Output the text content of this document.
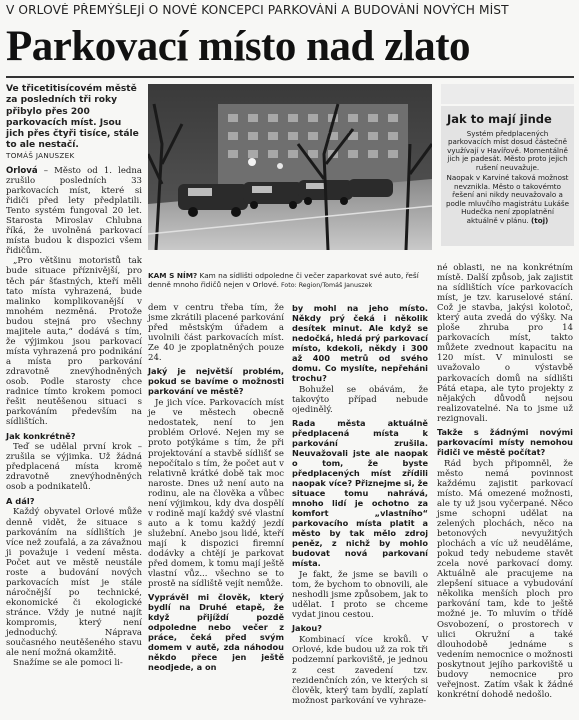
V ORLOVÉ PŘEMÝŠLEJÍ O NOVÉ KONCEPCI PARKOVÁNÍ A BUDOVÁNÍ NOVÝCH MÍST
Parkovací místo nad zlato
Ve třicetitisícovém městě za posledních tři roky přibylo přes 200 parkovacích míst. Jsou jich přes čtyři tisíce, stále to ale nestačí.
TOMÁŠ JANUSZEK
KAM S NÍM? Kam na sídlišti odpoledne či večer zaparkovat své auto, řeší denně mnoho řidičů nejen v Orlové. Foto: Region/Tomáš Januszek
Jak to mají jinde

Systém předplacených parkovacích míst dosud částečně využívají v Havířově. Momentálně jich je padesát. Město proto jejich rušení neuvažuje.

Naopak v Karviné taková možnost nevznikla. Město o takovémto řešení ani nikdy neuvažovalo a podle mluvčího magistrátu Lukáše Hudečka není zpoplatnění aktuálně v plánu. (toj)

Orlová – Město od 1. ledna zrušilo posledních 33 parkovacích míst, které si řidiči před lety předplatili. Tento systém fungoval 20 let. Starosta Miroslav Chlubna říká, že uvolněná parkovací místa budou k dispozici všem řidičům.

„Pro většinu motoristů tak bude situace příznivější, pro těch pár šťastných, kteří měli tato místa vyhrazená, bude malinko komplikovanější v mnohém nezměná. Protože budou stejná pro všechny majitele auta,“ dodává s tím, že výjimkou jsou parkovací místa vyhrazená pro podnikání a místa pro parkování zdravotně znevýhodněných osob. Podle starosty chce radnice tímto krokem pomoci řešit neutěšenou situaci s parkováním především na sídlištích.

Jak konkrétně?

Teď se udělal první krok – zrušila se výjimka. Už žádná předplacená místa kromě zdravotně znevýhodněných osob a podnikatelů.

A dál?

Každý obyvatel Orlové může denně vidět, že situace s parkováním na sídlištích je více než zoufalá, a za závažnou ji považuje i vedení města. Počet aut ve městě neustále roste a budování nových parkovacích míst je stále náročnější po technické, ekonomické či ekologické stránce. Vždy je nutné najít kompromis, který není jednoduchý. Náprava současného neutěšeného stavu ale není možná okamžitě.

Snažíme se ale pomoci li-

dem v centru třeba tím, že jsme zkrátili placené parkování před městským úřadem a uvolnili část parkovacích míst. Ze 40 je zpoplatněných pouze 24.

Jaký je největší problém, pokud se bavíme o možnosti parkování ve městě?

Je jich více. Parkovacích míst je ve městech obecně nedostatek, není to jen problém Orlové. Nejen my se proto potýkáme s tím, že při projektování a stavbě sídlišť se nepočítalo s tím, že počet aut v relativně krátké době tak moc naroste. Dnes už není auto na rodinu, ale na člověka a vůbec není výjimkou, kdy dva dospělí v rodině mají každý své vlastní auto a k tomu každý jezdí služební. Anebo jsou lidé, kteří mají k dispozici firemní dodávky a chtějí je parkovat před domem, k tomu mají ještě vlastní vůz... všechno se to prostě na sídliště vejít nemůže.

Vyprávěl mi člověk, který bydlí na Druhé etapě, že když přijíždí pozdě odpoledne nebo večer z práce, čeká před svým domem v autě, zda náhodou někdo přece jen ještě neodjede, a on

by mohl na jeho místo. Někdy prý čeká i několik desítek minut. Ale když se nedočká, hledá prý parkovací místo, kdekoli, někdy i 300 až 400 metrů od svého domu. Co myslíte, nepřeháni trochu?

Bohužel se obávám, že takovýto případ nebude ojedinělý.

Rada města aktuálně předplacená místa k parkování zrušila. Neuvažovali jste ale naopak o tom, že byste předplacených míst zřídili naopak více? Přiznejme si, že situace tomu nahrává, mnoho lidí je ochotno za komfort „vlastního“ parkovacího místa platit a město by tak mělo zdroj peněz, z nichž by mohlo budovat nová parkovaní místa.

Je fakt, že jsme se bavili o tom, že bychom to obnovili, ale neshodli jsme způsobem, jak to udělat. I proto se chceme vydat jinou cestou.

Jakou?

Kombinací více kroků. V Orlové, kde budou už za rok tři podzemní parkoviště, je jednou z cest zavedení tzv. rezidenčních zón, ve kterých si člověk, který tam bydlí, zaplatí možnost parkování ve vyhraze-

né oblasti, ne na konkrétním místě. Další způsob, jak zajistit na sídlištích více parkovacích míst, je tzv. karuselové stání. Což je stavba, jakýsi kolotoč, který auta zvedá do výšky. Na ploše zhruba pro 14 parkovacích míst, takto můžete zvednout kapacitu na 120 míst. V minulosti se uvažovalo o výstavbě parkovacích domů na sídlišti Pátá etapa, ale tyto projekty z nějakých důvodů nejsou realizovatelné. Na to jsme už rezignovali.

Takže s žádnými novými parkovacími místy nemohou řidiči ve městě počítat?

Rád bych připomněl, že město nemá povinnost každému zajistit parkovací místo. Má omezené možnosti, ale ty už jsou vyčerpané. Něco jsme schopni udělat na zelených plochách, něco na betonových nevyužitých plochách a víc už neuděláme, pokud tedy nebudeme stavět zcela nové parkovací domy. Aktuálně ale pracujeme na zlepšení situace a vybudování několika menších ploch pro parkování tam, kde to ještě možné je. To mluvím o třídě Osvobození, o prostorech v ulici Okružní a také dlouhodobě jednáme s vedením nemocnice o možnosti poskytnout jejího parkoviště u budovy nemocnice pro veřejnost. Zatím však k žádné konkrétní dohodě nedošlo.
